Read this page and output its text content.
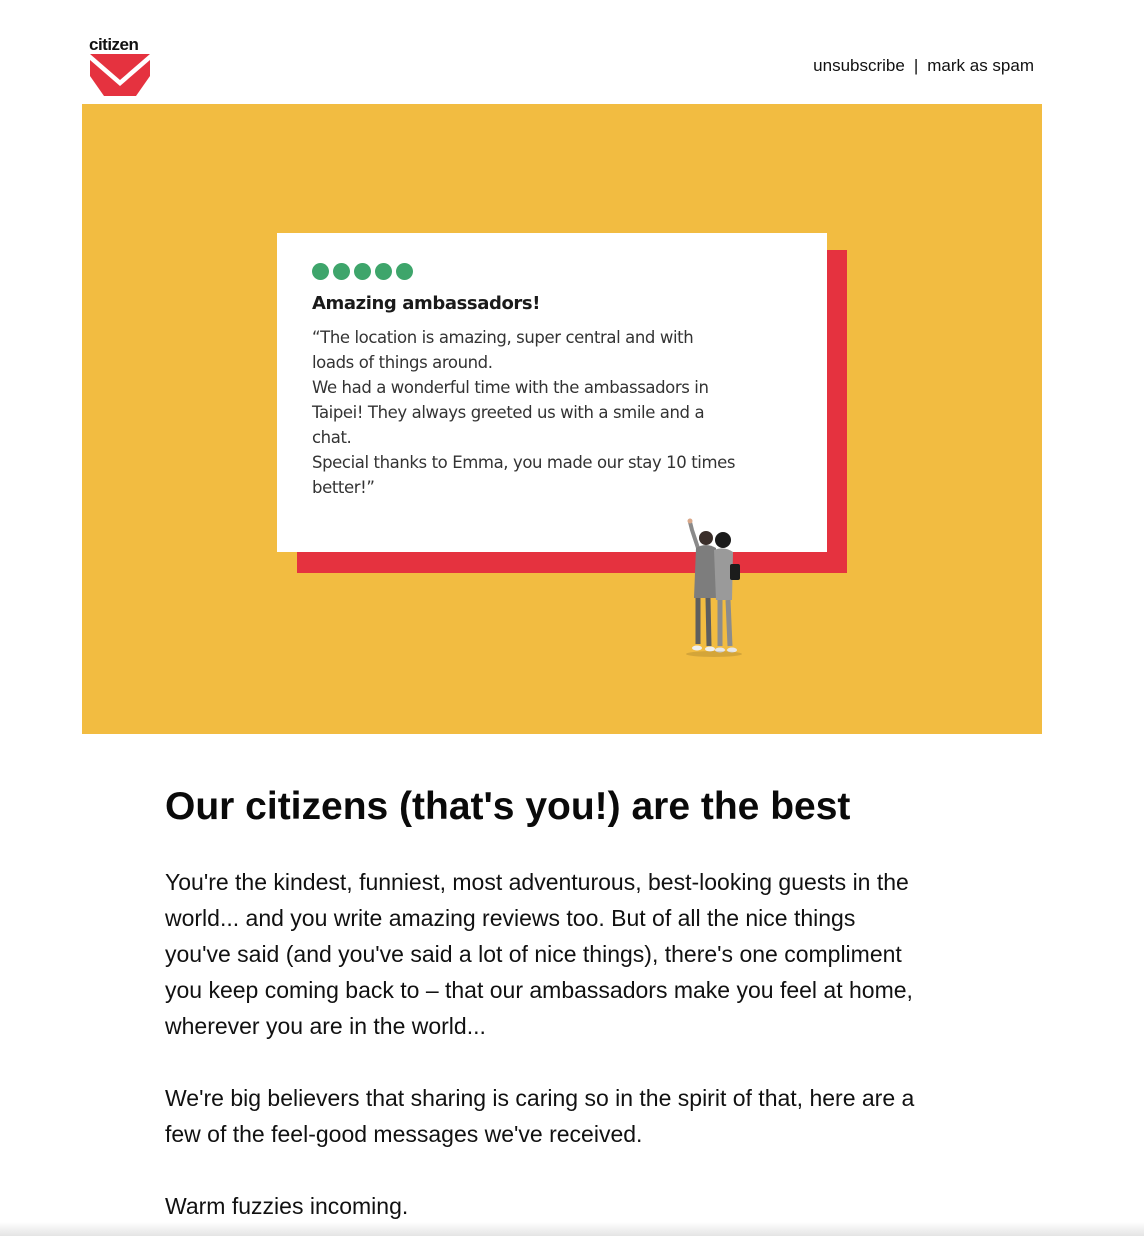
citizen
unsubscribe | mark as spam
Amazing ambassadors!
“The location is amazing, super central and with
loads of things around.
We had a wonderful time with the ambassadors in
Taipei! They always greeted us with a smile and a
chat.
Special thanks to Emma, you made our stay 10 times
better!”
Our citizens (that's you!) are the best

You're the kindest, funniest, most adventurous, best-looking guests in the
world... and you write amazing reviews too. But of all the nice things
you've said (and you've said a lot of nice things), there's one compliment
you keep coming back to – that our ambassadors make you feel at home,
wherever you are in the world...

We're big believers that sharing is caring so in the spirit of that, here are a
few of the feel-good messages we've received.

Warm fuzzies incoming.
